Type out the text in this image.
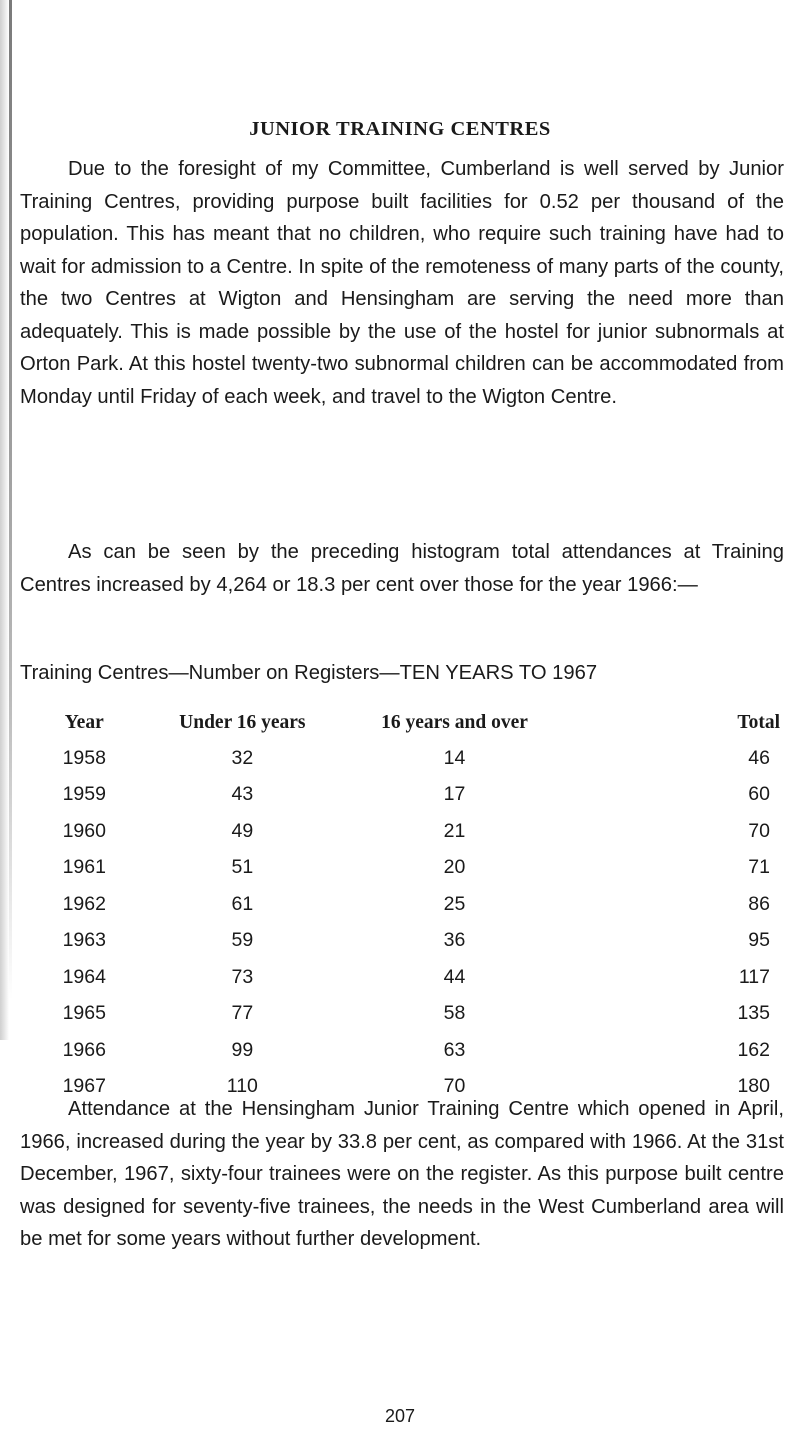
JUNIOR TRAINING CENTRES

Due to the foresight of my Committee, Cumberland is well served by Junior Training Centres, providing purpose built facilities for 0.52 per thousand of the population. This has meant that no children, who require such training have had to wait for admission to a Centre. In spite of the remoteness of many parts of the county, the two Centres at Wigton and Hensingham are serving the need more than adequately. This is made possible by the use of the hostel for junior subnormals at Orton Park. At this hostel twenty-two subnormal children can be accommodated from Monday until Friday of each week, and travel to the Wigton Centre.

As can be seen by the preceding histogram total attendances at Training Centres increased by 4,264 or 18.3 per cent over those for the year 1966:—

Training Centres—Number on Registers—TEN YEARS TO 1967

Year	Under 16 years	16 years and over	Total
1958	32	14	46
1959	43	17	60
1960	49	21	70
1961	51	20	71
1962	61	25	86
1963	59	36	95
1964	73	44	117
1965	77	58	135
1966	99	63	162
1967	110	70	180

Attendance at the Hensingham Junior Training Centre which opened in April, 1966, increased during the year by 33.8 per cent, as compared with 1966. At the 31st December, 1967, sixty-four trainees were on the register. As this purpose built centre was designed for seventy-five trainees, the needs in the West Cumberland area will be met for some years without further development.

207
